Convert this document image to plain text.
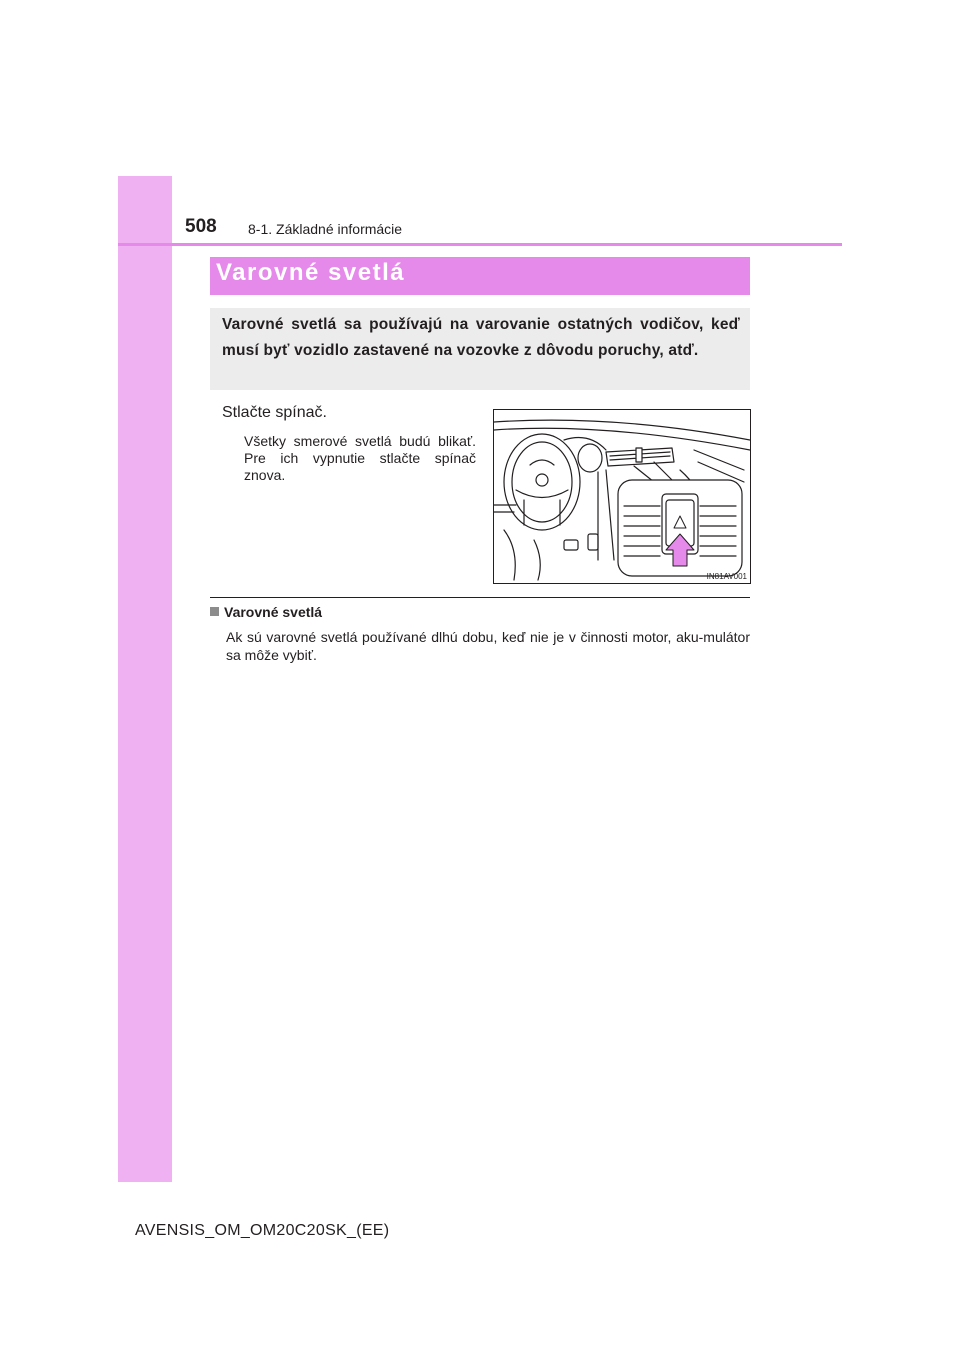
508 8-1. Základné informácie
Varovné svetlá
Varovné svetlá sa používajú na varovanie ostatných vodičov, keď musí byť vozidlo zastavené na vozovke z dôvodu poruchy, atď.
Stlačte spínač.
Všetky smerové svetlá budú blikať. Pre ich vypnutie stlačte spínač znova.
IN81AV001
Varovné svetlá
Ak sú varovné svetlá používané dlhú dobu, keď nie je v činnosti motor, aku-mulátor sa môže vybiť.
AVENSIS_OM_OM20C20SK_(EE)
